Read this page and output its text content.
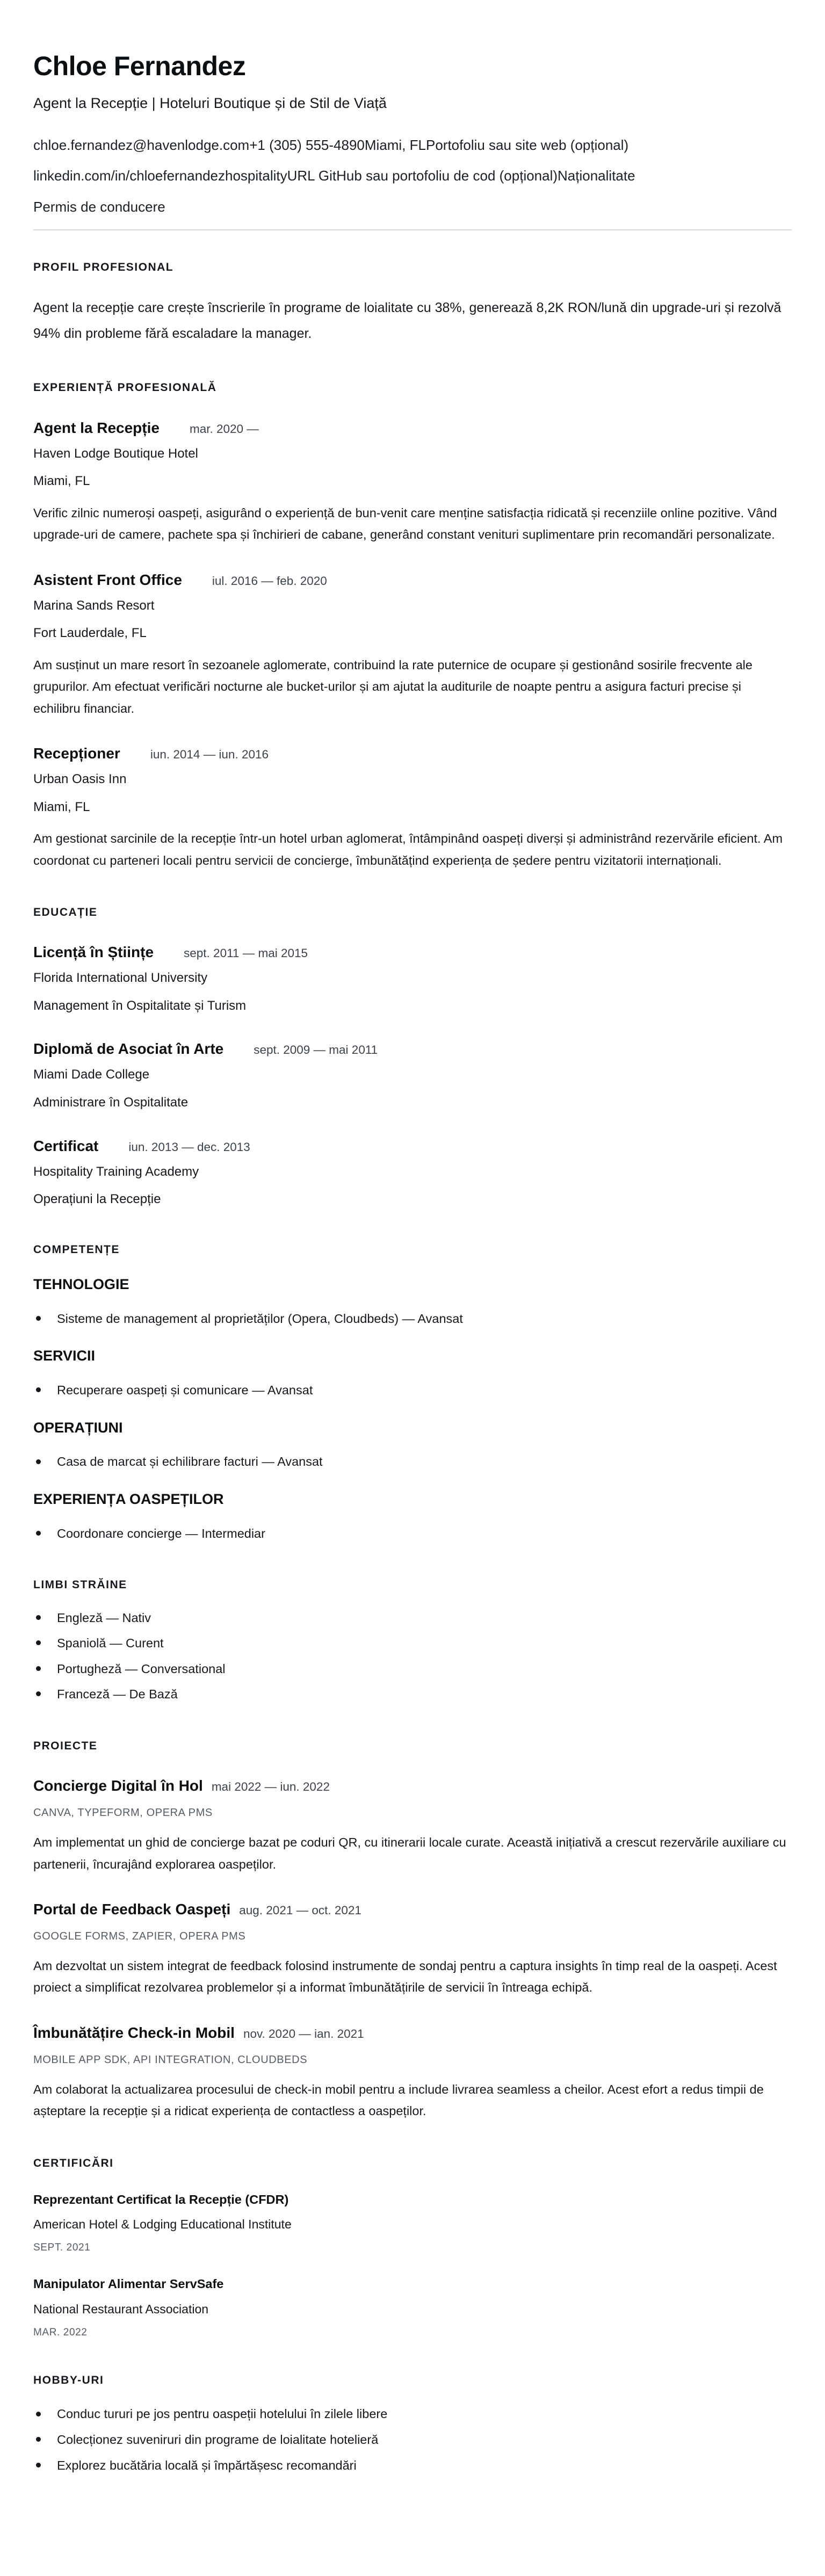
Chloe Fernandez
Agent la Recepție | Hoteluri Boutique și de Stil de Viață
chloe.fernandez@havenlodge.com+1 (305) 555-4890Miami, FLPortofoliu sau site web (opțional)
linkedin.com/in/chloefernandezhospitalityURL GitHub sau portofoliu de cod (opțional)Naționalitate
Permis de conducere
PROFIL PROFESIONAL

Agent la recepție care crește înscrierile în programe de loialitate cu 38%, generează 8,2K RON/lună din upgrade-uri și rezolvă 94% din probleme fără escaladare la manager.

EXPERIENȚĂ PROFESIONALĂ
Agent la Recepție mar. 2020 —
Haven Lodge Boutique Hotel
Miami, FL

Verific zilnic numeroși oaspeți, asigurând o experiență de bun-venit care menține satisfacția ridicată și recenziile online pozitive. Vând upgrade-uri de camere, pachete spa și închirieri de cabane, generând constant venituri suplimentare prin recomandări personalizate.

Asistent Front Office iul. 2016 — feb. 2020
Marina Sands Resort
Fort Lauderdale, FL

Am susținut un mare resort în sezoanele aglomerate, contribuind la rate puternice de ocupare și gestionând sosirile frecvente ale grupurilor. Am efectuat verificări nocturne ale bucket-urilor și am ajutat la auditurile de noapte pentru a asigura facturi precise și echilibru financiar.

Recepționer iun. 2014 — iun. 2016
Urban Oasis Inn
Miami, FL

Am gestionat sarcinile de la recepție într-un hotel urban aglomerat, întâmpinând oaspeți diverși și administrând rezervările eficient. Am coordonat cu parteneri locali pentru servicii de concierge, îmbunătățind experiența de ședere pentru vizitatorii internaționali.

EDUCAȚIE
Licență în Științe sept. 2011 — mai 2015
Florida International University
Management în Ospitalitate și Turism
Diplomă de Asociat în Arte sept. 2009 — mai 2011
Miami Dade College
Administrare în Ospitalitate
Certificat iun. 2013 — dec. 2013
Hospitality Training Academy
Operațiuni la Recepție
COMPETENȚE
TEHNOLOGIE
Sisteme de management al proprietăților (Opera, Cloudbeds) — Avansat
SERVICII
Recuperare oaspeți și comunicare — Avansat
OPERAȚIUNI
Casa de marcat și echilibrare facturi — Avansat
EXPERIENȚA OASPEȚILOR
Coordonare concierge — Intermediar
LIMBI STRĂINE
Engleză — Nativ
Spaniolă — Curent
Portugheză — Conversational
Franceză — De Bază
PROIECTE
Concierge Digital în Hol mai 2022 — iun. 2022
CANVA, TYPEFORM, OPERA PMS

Am implementat un ghid de concierge bazat pe coduri QR, cu itinerarii locale curate. Această inițiativă a crescut rezervările auxiliare cu partenerii, încurajând explorarea oaspeților.

Portal de Feedback Oaspeți aug. 2021 — oct. 2021
GOOGLE FORMS, ZAPIER, OPERA PMS

Am dezvoltat un sistem integrat de feedback folosind instrumente de sondaj pentru a captura insights în timp real de la oaspeți. Acest proiect a simplificat rezolvarea problemelor și a informat îmbunătățirile de servicii în întreaga echipă.

Îmbunătățire Check-in Mobil nov. 2020 — ian. 2021
MOBILE APP SDK, API INTEGRATION, CLOUDBEDS

Am colaborat la actualizarea procesului de check-in mobil pentru a include livrarea seamless a cheilor. Acest efort a redus timpii de așteptare la recepție și a ridicat experiența de contactless a oaspeților.

CERTIFICĂRI
Reprezentant Certificat la Recepție (CFDR)
American Hotel & Lodging Educational Institute
SEPT. 2021
Manipulator Alimentar ServSafe
National Restaurant Association
MAR. 2022
HOBBY-URI
Conduc tururi pe jos pentru oaspeții hotelului în zilele libere
Colecționez suveniruri din programe de loialitate hotelieră
Explorez bucătăria locală și împărtășesc recomandări
